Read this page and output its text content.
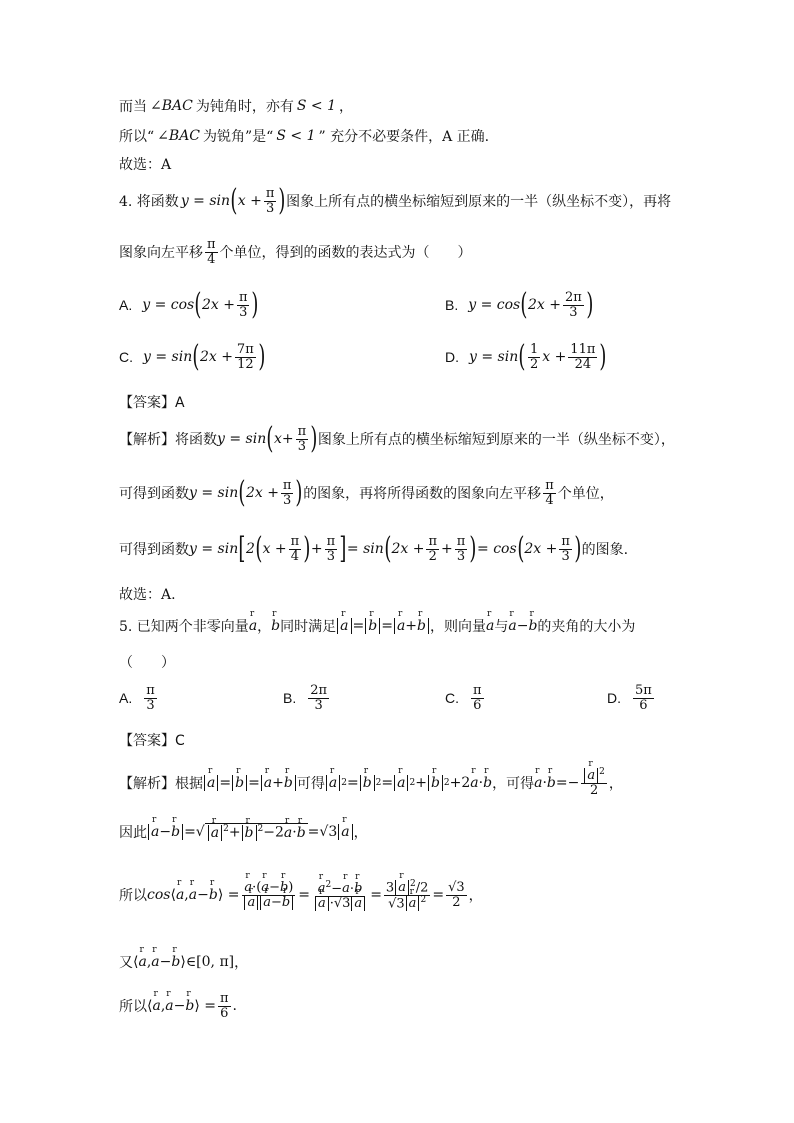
而当 ∠BAC 为钝角时，亦有 S < 1 ，
所以“ ∠BAC 为锐角”是“ S < 1 ” 充分不必要条件，A 正确.
故选：A
4. 将函数 y = sin ( $x + \frac{\pi}{3}$ ) 图象上所有点的横坐标缩短到原来的一半（纵坐标不变），再将
图象向左平移 $\frac{\pi}{4}$ 个单位，得到的函数的表达式为（　　）
A. y = cos ( $2x + \frac{\pi}{3}$ )	B. y = cos ( $2x + \frac{2\pi}{3}$ )
C. y = sin ( $2x + \frac{7\pi}{12}$ )	D. y = sin ( $\frac{1}{2}$ $x + \frac{11\pi}{24}$ )
【答案】A
【解析】将函数 y = sin ( $x+ \frac{\pi}{3}$ ) 图象上所有点的横坐标缩短到原来的一半（纵坐标不变），
可得到函数 y = sin ( $2x + \frac{\pi}{3}$ ) 的图象，再将所得函数的图象向左平移 $\frac{\pi}{4}$ 个单位，
可得到函数 y = sin [ 2 ( $x + \frac{\pi}{4}$ ) + $\frac{\pi}{3}$ ] = sin ( $2x + \frac{\pi}{2} + \frac{\pi}{3}$ ) = cos ( $2x + \frac{\pi}{3}$ ) 的图象.
故选：A.
5. 已知两个非零向量 r a ， r b 同时满足 r a = r b = r a+r b ，则向量 r a 与 r a − r b 的夹角的大小为
（　　）
A. $\frac{\pi}{3}$	B. $\frac{2\pi}{3}$	C. $\frac{\pi}{6}$	D. $\frac{5\pi}{6}$
【答案】C
【解析】根据 r a = r b = r a+r b 可得 r a 2 = r b 2 = r a 2 + r b 2 +2 r a · r b ，可得 r a · r b =− r $\frac{a ^2}{2}$ ，
因此 r a−r b =√ r a $^2$+ r b $^2$−2r a·r b = √3 r a ，
所以 cos ⟨ r a , r a − r b ⟩ = r a·(r a−r b)
r a r a−r b = r $a^2-r$ a·r b
r a ·√3 r $a = \frac{3 r a ^2/2}{√3 r a ^2} = \frac{√3}{2}$ ，
又 ⟨ r a , r a − r b ⟩ ∈[0, π] ，
所以 ⟨ r a , r a − r b ⟩ = $\frac{\pi}{6}$ .
